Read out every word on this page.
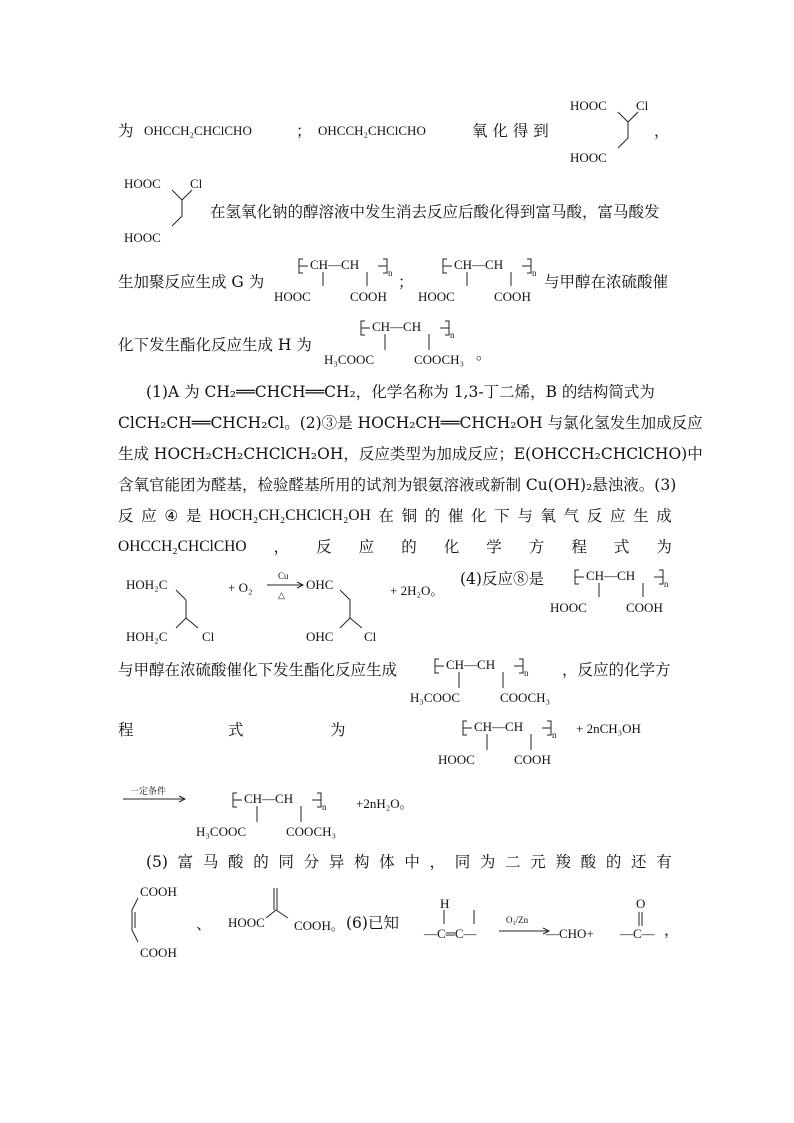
为 OHCCH₂CHClCHO	； OHCCH₂CHClCHO	氧 化 得 到
HOOC Cl
HOOC
，
HOOC Cl
HOOC
在氢氧化钠的醇溶液中发生消去反应后酸化得到富马酸，富马酸发
生加聚反应生成 G 为
CH—CH
n
HOOC	COOH
；
CH—CH
n
HOOC	COOH
与甲醇在浓硫酸催
化下发生酯化反应生成 H 为
CH—CH
n
H₃COOC	COOCH₃ 。
(1)A 为 CH₂══CHCH══CH₂，化学名称为 1,3-丁二烯，B 的结构简式为
ClCH₂CH══CHCH₂Cl。(2)③是 HOCH₂CH══CHCH₂OH 与氯化氢发生加成反应
生成 HOCH₂CH₂CHClCH₂OH，反应类型为加成反应；E(OHCCH₂CHClCHO)中
含氧官能团为醛基，检验醛基所用的试剂为银氨溶液或新制 Cu(OH)₂悬浊液。(3)
反 应 ④ 是 HOCH₂CH₂CHClCH₂OH 在 铜 的 催 化 下 与 氧 气 反 应 生 成
OHCCH₂CHClCHO ， 反 应 的 化 学 方 程 式 为
HOH₂C
HOH₂C	Cl
+ O₂
Cu
△
OHC
OHC Cl
+ 2H₂O。
(4)反应⑧是	CH—CH
n
HOOC	COOH
与甲醇在浓硫酸催化下发生酯化反应生成	CH—CH
n
H₃COOC	COOCH₃
，反应的化学方
程	式	为	CH—CH
n
HOOC	COOH
+ 2nCH₃OH
一定条件	CH—CH
n
H₃COOC	COOCH₃
+2nH₂O。
(5) 富 马 酸 的 同 分 异 构 体 中 ， 同 为 二 元 羧 酸 的 还 有
COOH
COOH
、 HOOC COOH。 (6)已知
H
—C═C—
O₃/Zn
—CHO+
O
—C— ，
